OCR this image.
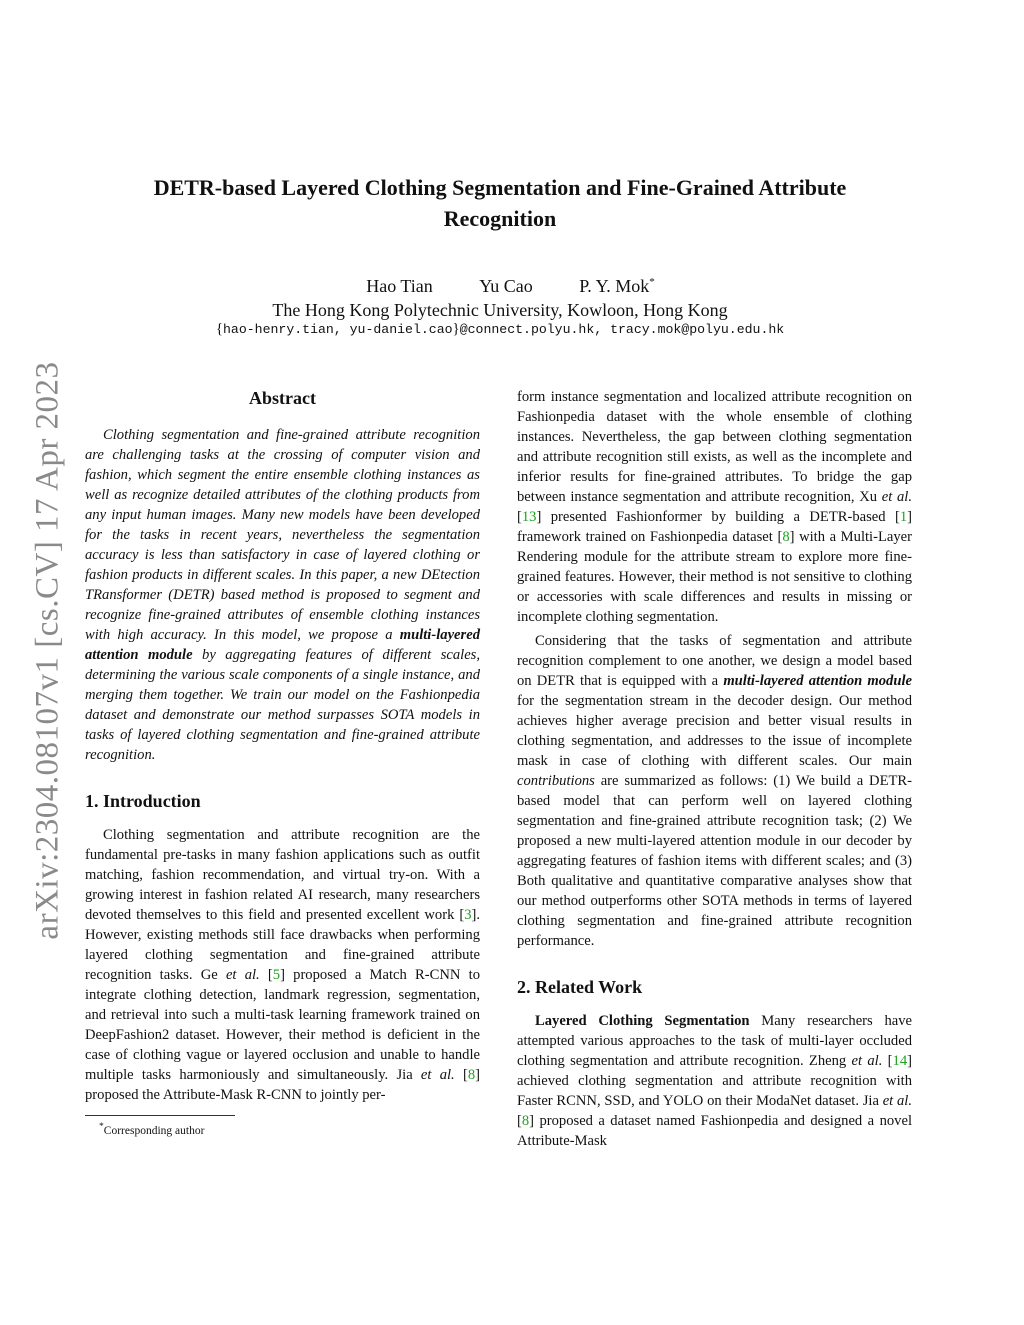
arXiv:2304.08107v1 [cs.CV] 17 Apr 2023
DETR-based Layered Clothing Segmentation and Fine-Grained Attribute
Recognition
Hao Tian	Yu Cao	P. Y. Mok*
The Hong Kong Polytechnic University, Kowloon, Hong Kong
{hao-henry.tian, yu-daniel.cao}@connect.polyu.hk, tracy.mok@polyu.edu.hk
Abstract

Clothing segmentation and fine-grained attribute recognition are challenging tasks at the crossing of computer vision and fashion, which segment the entire ensemble clothing instances as well as recognize detailed attributes of the clothing products from any input human images. Many new models have been developed for the tasks in recent years, nevertheless the segmentation accuracy is less than satisfactory in case of layered clothing or fashion products in different scales. In this paper, a new DEtection TRansformer (DETR) based method is proposed to segment and recognize fine-grained attributes of ensemble clothing instances with high accuracy. In this model, we propose a multi-layered attention module by aggregating features of different scales, determining the various scale components of a single instance, and merging them together. We train our model on the Fashionpedia dataset and demonstrate our method surpasses SOTA models in tasks of layered clothing segmentation and fine-grained attribute recognition.

1. Introduction

Clothing segmentation and attribute recognition are the fundamental pre-tasks in many fashion applications such as outfit matching, fashion recommendation, and virtual try-on. With a growing interest in fashion related AI research, many researchers devoted themselves to this field and presented excellent work [3]. However, existing methods still face drawbacks when performing layered clothing segmentation and fine-grained attribute recognition tasks. Ge et al. [5] proposed a Match R-CNN to integrate clothing detection, landmark regression, segmentation, and retrieval into such a multi-task learning framework trained on DeepFashion2 dataset. However, their method is deficient in the case of clothing vague or layered occlusion and unable to handle multiple tasks harmoniously and simultaneously. Jia et al. [8] proposed the Attribute-Mask R-CNN to jointly per-

*Corresponding author

form instance segmentation and localized attribute recognition on Fashionpedia dataset with the whole ensemble of clothing instances. Nevertheless, the gap between clothing segmentation and attribute recognition still exists, as well as the incomplete and inferior results for fine-grained attributes. To bridge the gap between instance segmentation and attribute recognition, Xu et al. [13] presented Fashionformer by building a DETR-based [1] framework trained on Fashionpedia dataset [8] with a Multi-Layer Rendering module for the attribute stream to explore more fine-grained features. However, their method is not sensitive to clothing or accessories with scale differences and results in missing or incomplete clothing segmentation.

Considering that the tasks of segmentation and attribute recognition complement to one another, we design a model based on DETR that is equipped with a multi-layered attention module for the segmentation stream in the decoder design. Our method achieves higher average precision and better visual results in clothing segmentation, and addresses to the issue of incomplete mask in case of clothing with different scales. Our main contributions are summarized as follows: (1) We build a DETR-based model that can perform well on layered clothing segmentation and fine-grained attribute recognition task; (2) We proposed a new multi-layered attention module in our decoder by aggregating features of fashion items with different scales; and (3) Both qualitative and quantitative comparative analyses show that our method outperforms other SOTA methods in terms of layered clothing segmentation and fine-grained attribute recognition performance.

2. Related Work

Layered Clothing Segmentation Many researchers have attempted various approaches to the task of multi-layer occluded clothing segmentation and attribute recognition. Zheng et al. [14] achieved clothing segmentation and attribute recognition with Faster RCNN, SSD, and YOLO on their ModaNet dataset. Jia et al. [8] proposed a dataset named Fashionpedia and designed a novel Attribute-Mask
